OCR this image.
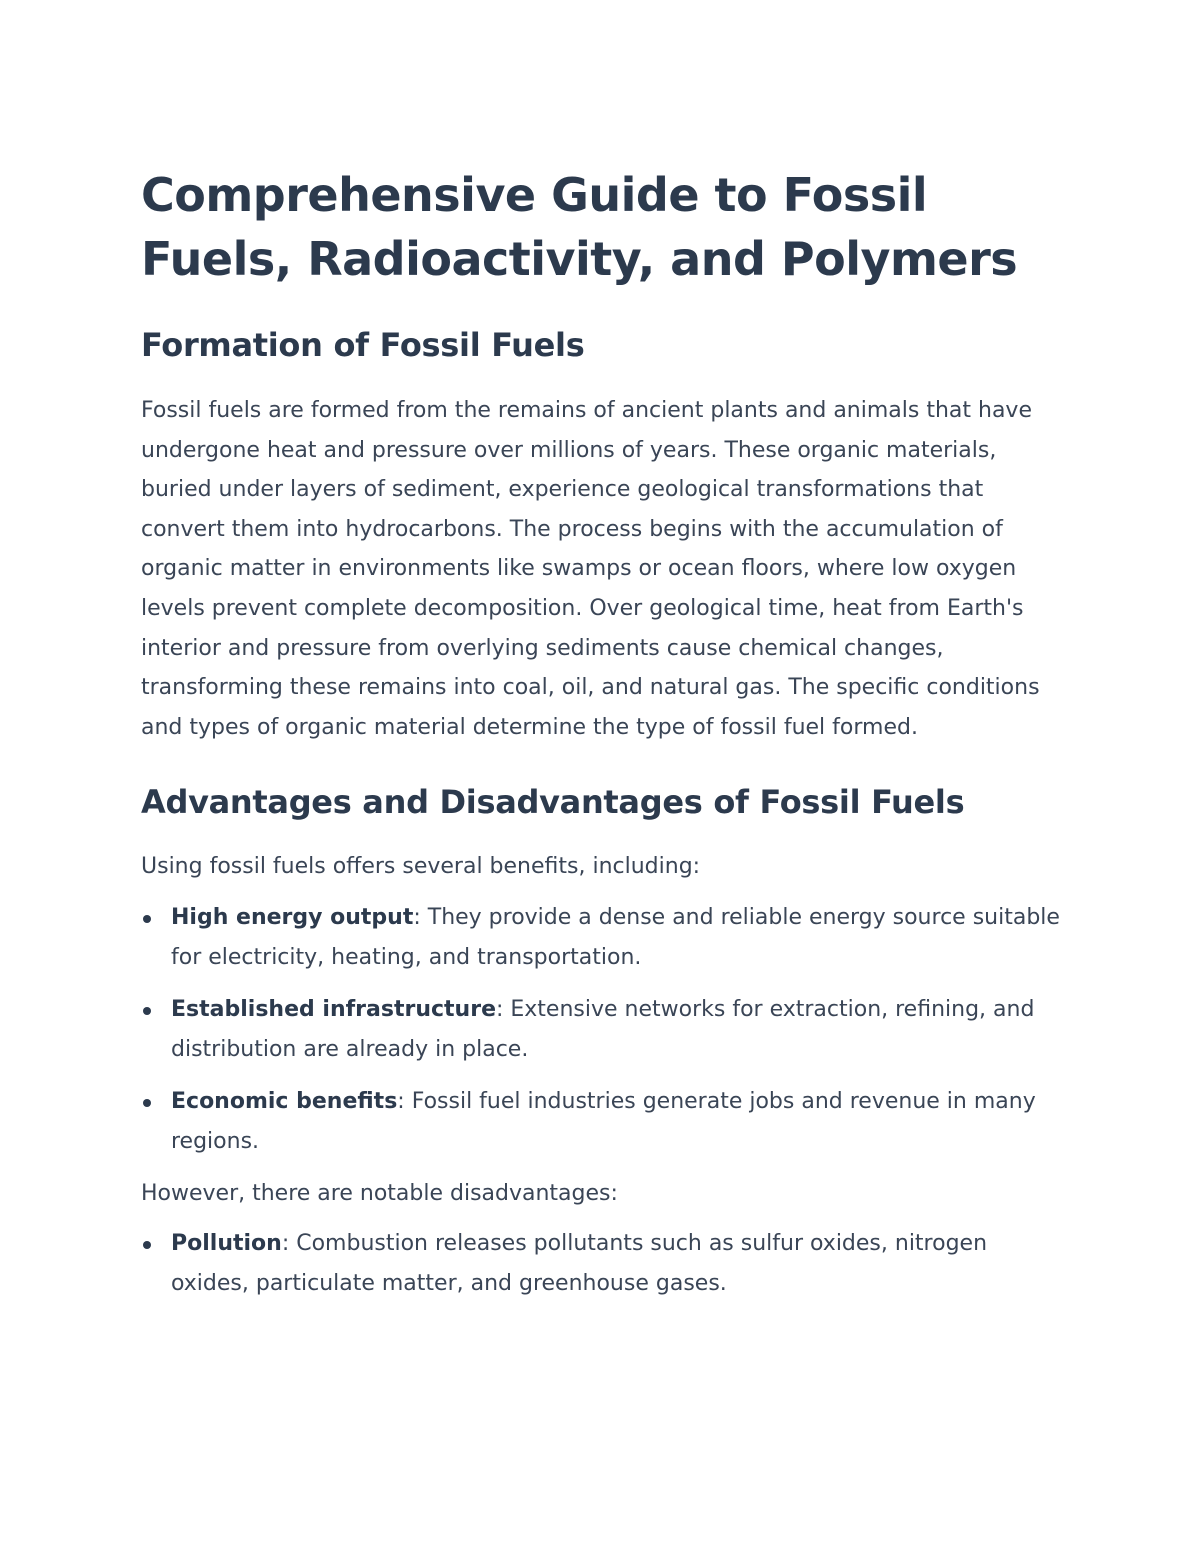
Comprehensive Guide to Fossil Fuels, Radioactivity, and Polymers
Formation of Fossil Fuels

Fossil fuels are formed from the remains of ancient plants and animals that have undergone heat and pressure over millions of years. These organic materials, buried under layers of sediment, experience geological transformations that convert them into hydrocarbons. The process begins with the accumulation of organic matter in environments like swamps or ocean floors, where low oxygen levels prevent complete decomposition. Over geological time, heat from Earth's interior and pressure from overlying sediments cause chemical changes, transforming these remains into coal, oil, and natural gas. The specific conditions and types of organic material determine the type of fossil fuel formed.

Advantages and Disadvantages of Fossil Fuels

Using fossil fuels offers several benefits, including:

High energy output: They provide a dense and reliable energy source suitable for electricity, heating, and transportation.
Established infrastructure: Extensive networks for extraction, refining, and distribution are already in place.
Economic benefits: Fossil fuel industries generate jobs and revenue in many regions.

However, there are notable disadvantages:

Pollution: Combustion releases pollutants such as sulfur oxides, nitrogen oxides, particulate matter, and greenhouse gases.
